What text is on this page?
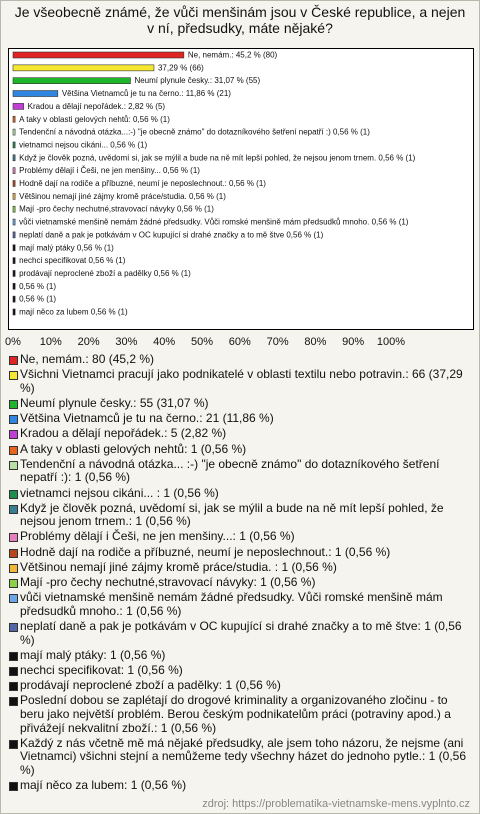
Je všeobecně známé, že vůči menšinám jsou v České republice, a nejen v ní, předsudky, máte nějaké?
Ne, nemám.: 45,2 % (80)
37,29 % (66)
Neumí plynule česky.: 31,07 % (55)
Většina Vietnamců je tu na černo.: 11,86 % (21)
Kradou a dělají nepořádek.: 2,82 % (5)
A taky v oblasti gelových nehtů: 0,56 % (1)
Tendenční a návodná otázka...:-) "je obecně známo" do dotazníkového šetření nepatří :) 0,56 % (1)
vietnamci nejsou cikáni... 0,56 % (1)
Když je člověk pozná, uvědomí si, jak se mýlil a bude na ně mít lepší pohled, že nejsou jenom trnem. 0,56 % (1)
Problémy dělají i Češi, ne jen menšiny... 0,56 % (1)
Hodně dají na rodiče a příbuzné, neumí je neposlechnout.: 0,56 % (1)
Většinou nemají jiné zájmy kromě práce/studia. 0,56 % (1)
Mají -pro čechy nechutné,stravovací návyky 0,56 % (1)
vůči vietnamské menšině nemám žádné předsudky. Vůči romské menšině mám předsudků mnoho. 0,56 % (1)
neplatí daně a pak je potkávám v OC kupující si drahé značky a to mě štve 0,56 % (1)
mají malý ptáky 0,56 % (1)
nechci specifikovat 0,56 % (1)
prodávají neproclené zboží a padělky 0,56 % (1)
0,56 % (1)
0,56 % (1)
mají něco za lubem 0,56 % (1)
0% 10% 20% 30% 40% 50% 60% 70% 80% 90% 100%
Ne, nemám.: 80 (45,2 %)
Všichni Vietnamci pracují jako podnikatelé v oblasti textilu nebo potravin.: 66 (37,29 %)
Neumí plynule česky.: 55 (31,07 %)
Většina Vietnamců je tu na černo.: 21 (11,86 %)
Kradou a dělají nepořádek.: 5 (2,82 %)
A taky v oblasti gelových nehtů: 1 (0,56 %)
Tendenční a návodná otázka... :-) "je obecně známo" do dotazníkového šetření nepatří :): 1 (0,56 %)
vietnamci nejsou cikáni... : 1 (0,56 %)
Když je člověk pozná, uvědomí si, jak se mýlil a bude na ně mít lepší pohled, že nejsou jenom trnem.: 1 (0,56 %)
Problémy dělají i Češi, ne jen menšiny...: 1 (0,56 %)
Hodně dají na rodiče a příbuzné, neumí je neposlechnout.: 1 (0,56 %)
Většinou nemají jiné zájmy kromě práce/studia. : 1 (0,56 %)
Mají -pro čechy nechutné,stravovací návyky: 1 (0,56 %)
vůči vietnamské menšině nemám žádné předsudky. Vůči romské menšině mám předsudků mnoho.: 1 (0,56 %)
neplatí daně a pak je potkávám v OC kupující si drahé značky a to mě štve: 1 (0,56 %)
mají malý ptáky: 1 (0,56 %)
nechci specifikovat: 1 (0,56 %)
prodávají neproclené zboží a padělky: 1 (0,56 %)
Poslední dobou se zaplétají do drogové kriminality a organizovaného zločinu - to beru jako největší problém. Berou českým podnikatelům práci (potraviny apod.) a přivážejí nekvalitní zboží.: 1 (0,56 %)
Každý z nás včetně mě má nějaké předsudky, ale jsem toho názoru, že nejsme (ani Vietnamci) všichni stejní a nemůžeme tedy všechny házet do jednoho pytle.: 1 (0,56 %)
mají něco za lubem: 1 (0,56 %)
zdroj: https://problematika-vietnamske-mens.vyplnto.cz
